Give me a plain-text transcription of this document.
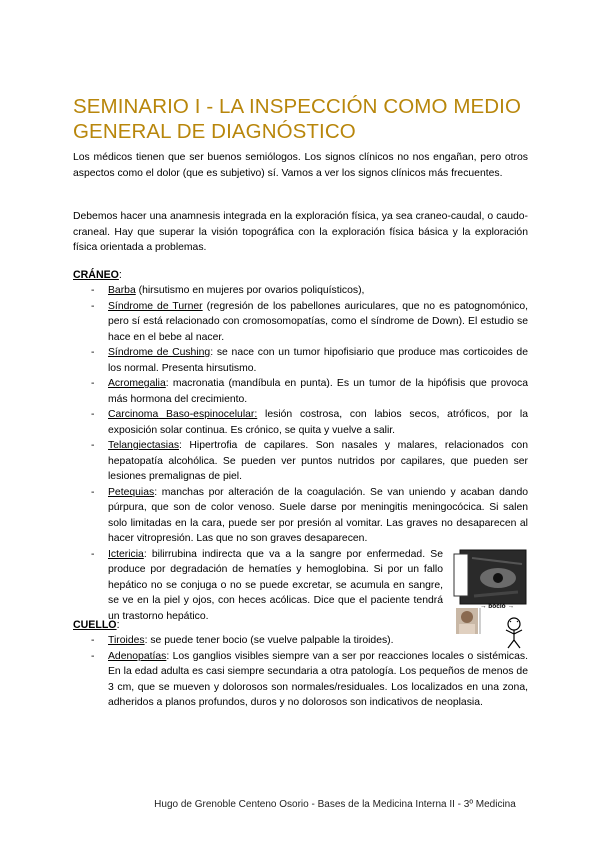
SEMINARIO I - LA INSPECCIÓN COMO MEDIO GENERAL DE DIAGNÓSTICO

Los médicos tienen que ser buenos semiólogos. Los signos clínicos no nos engañan, pero otros aspectos como el dolor (que es subjetivo) sí. Vamos a ver los signos clínicos más frecuentes.

Debemos hacer una anamnesis integrada en la exploración física, ya sea craneo-caudal, o caudo-craneal. Hay que superar la visión topográfica con la exploración física básica y la exploración física orientada a problemas.

CRÁNEO:
- Barba (hirsutismo en mujeres por ovarios poliquísticos),
- Síndrome de Turner (regresión de los pabellones auriculares, que no es patognomónico, pero sí está relacionado con cromosomopatías, como el síndrome de Down). El estudio se hace en el bebe al nacer.
- Síndrome de Cushing: se nace con un tumor hipofisiario que produce mas corticoides de los normal. Presenta hirsutismo.
- Acromegalia: macronatia (mandíbula en punta). Es un tumor de la hipófisis que provoca más hormona del crecimiento.
- Carcinoma Baso-espinocelular: lesión costrosa, con labios secos, atróficos, por la exposición solar continua. Es crónico, se quita y vuelve a salir.
- Telangiectasias: Hipertrofia de capilares. Son nasales y malares, relacionados con hepatopatía alcohólica. Se pueden ver puntos nutridos por capilares, que pueden ser lesiones premalignas de piel.
- Petequias: manchas por alteración de la coagulación. Se van uniendo y acaban dando púrpura, que son de color venoso. Suele darse por meningitis meningocócica. Si salen solo limitadas en la cara, puede ser por presión al vomitar. Las graves no desaparecen al hacer vitropresión. Las que no son graves desaparecen.
- Ictericia: bilirrubina indirecta que va a la sangre por enfermedad. Se produce por degradación de hematíes y hemoglobina. Si por un fallo hepático no se conjuga o no se puede excretar, se acumula en sangre, se ve en la piel y ojos, con heces acólicas. Dice que el paciente tendrá un trastorno hepático.
CUELLO:
- Tiroides: se puede tener bocio (se vuelve palpable la tiroides).
- Adenopatías: Los ganglios visibles siempre van a ser por reacciones locales o sistémicas. En la edad adulta es casi siempre secundaria a otra patología. Los pequeños de menos de 3 cm, que se mueven y dolorosos son normales/residuales. Los localizados en una zona, adheridos a planos profundos, duros y no dolorosos son indicativos de neoplasia.
→ bocio →
Hugo de Grenoble Centeno Osorio - Bases de la Medicina Interna II - 3º Medicina
